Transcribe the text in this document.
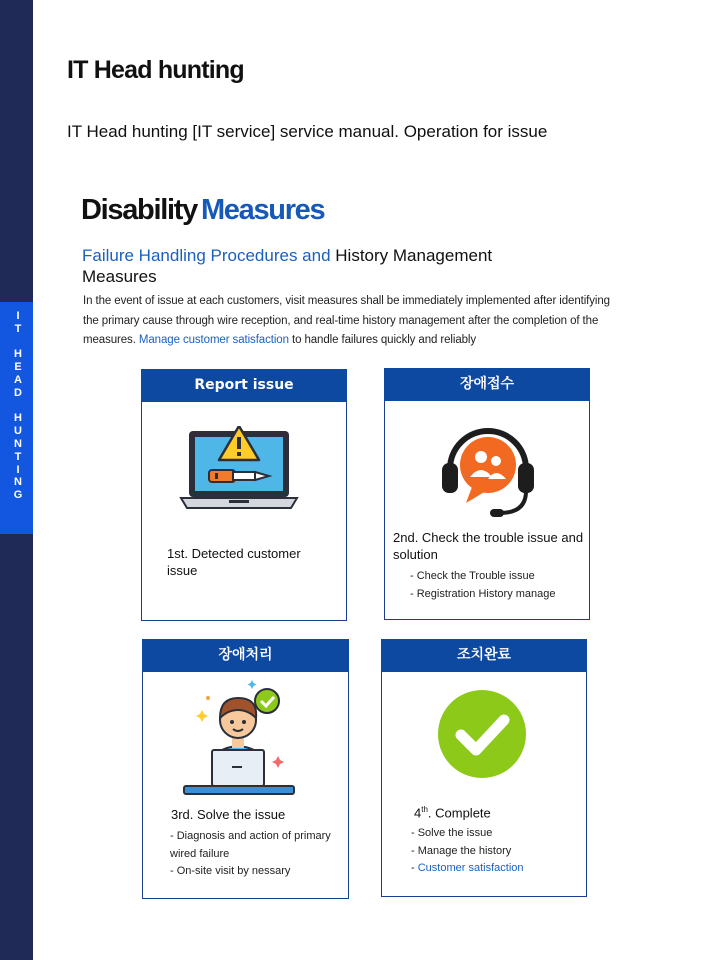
I
T

H
E
A
D

H
U
N
T
I
N
G
IT Head hunting
IT Head hunting [IT service] service manual. Operation for issue
Disability Measures
Failure Handling Procedures and History Management Measures
In the event of issue at each customers, visit measures shall be immediately implemented after identifying the primary cause through wire reception, and real-time history management after the completion of the measures. Manage customer satisfaction to handle failures quickly and reliably
Report issue
1st. Detected customer issue
장애접수
2nd. Check the trouble issue and solution
- Check the Trouble issue
- Registration History manage
장애처리
3rd. Solve the issue
- Diagnosis and action of primary wired failure
- On-site visit by nessary
조치완료
4th. Complete
- Solve the issue
- Manage the history
- Customer satisfaction
